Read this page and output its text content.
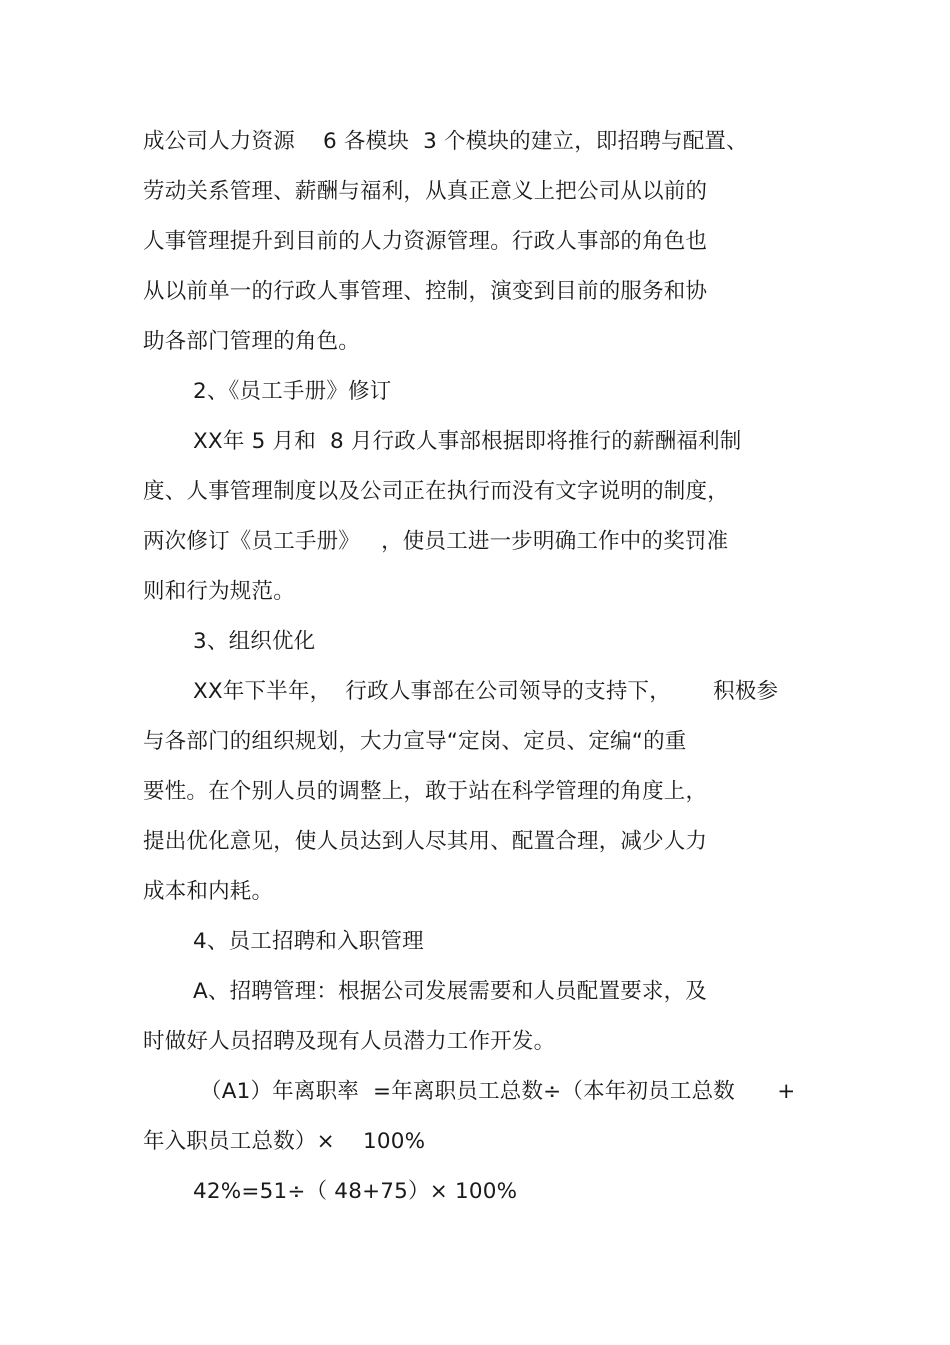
成公司人力资源    6 各模块  3 个模块的建立，即招聘与配置、
劳动关系管理、薪酬与福利，从真正意义上把公司从以前的
人事管理提升到目前的人力资源管理。行政人事部的角色也
从以前单一的行政人事管理、控制，演变到目前的服务和协
助各部门管理的角色。
2、《员工手册》修订
XX年 5 月和  8 月行政人事部根据即将推行的薪酬福利制
度、人事管理制度以及公司正在执行而没有文字说明的制度，
两次修订《员工手册》   ，使员工进一步明确工作中的奖罚准
则和行为规范。
3、组织优化
XX年下半年，  行政人事部在公司领导的支持下，      积极参
与各部门的组织规划，大力宣导“定岗、定员、定编“的重
要性。在个别人员的调整上，敢于站在科学管理的角度上，
提出优化意见，使人员达到人尽其用、配置合理，减少人力
成本和内耗。
4、员工招聘和入职管理
A、招聘管理：根据公司发展需要和人员配置要求，及
时做好人员招聘及现有人员潜力工作开发。
（A1）年离职率  =年离职员工总数÷（本年初员工总数      +
年入职员工总数）×    100%
42%=51÷（ 48+75）× 100%
